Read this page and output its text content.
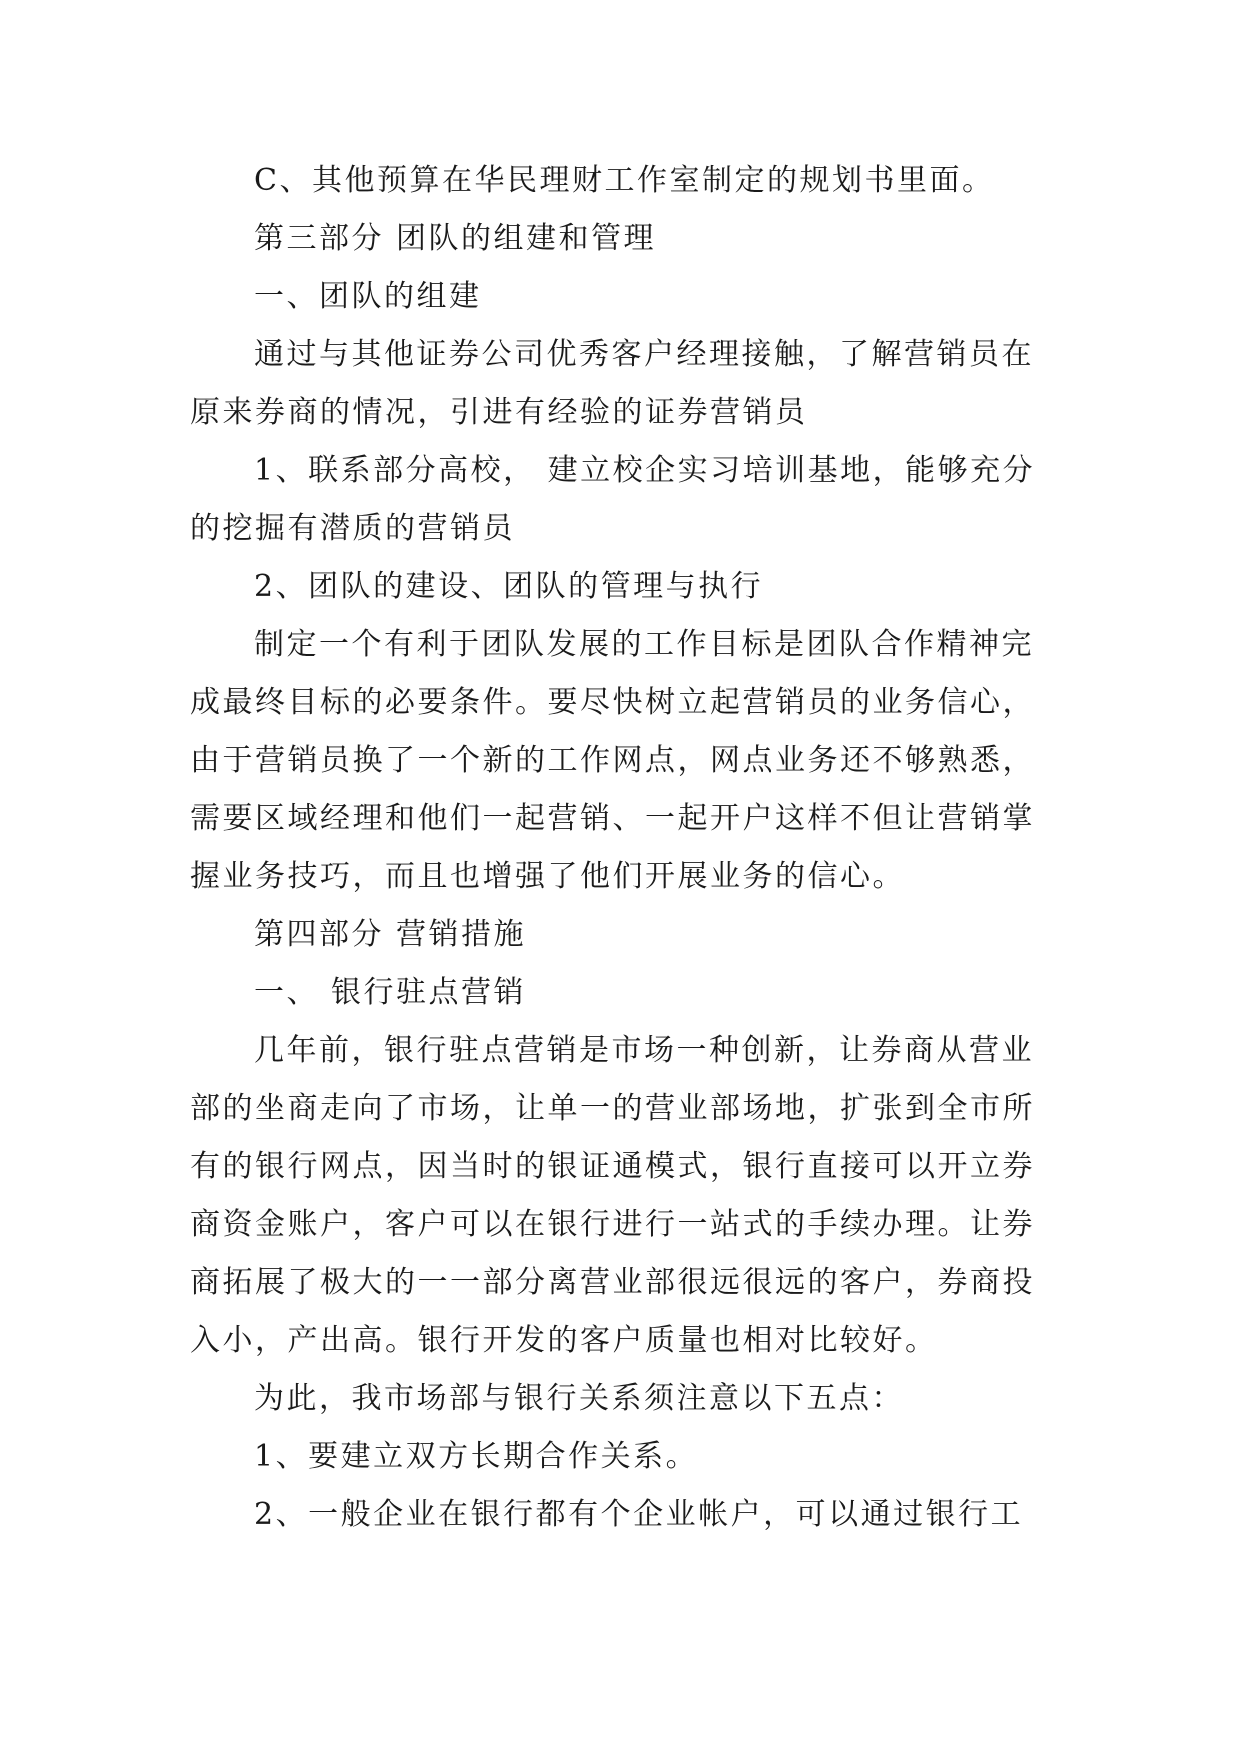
C、其他预算在华民理财工作室制定的规划书里面。

第三部分 团队的组建和管理

一、团队的组建

通过与其他证券公司优秀客户经理接触，了解营销员在原来券商的情况，引进有经验的证券营销员

1、联系部分高校， 建立校企实习培训基地，能够充分的挖掘有潜质的营销员

2、团队的建设、团队的管理与执行

制定一个有利于团队发展的工作目标是团队合作精神完成最终目标的必要条件。要尽快树立起营销员的业务信心，由于营销员换了一个新的工作网点，网点业务还不够熟悉，需要区域经理和他们一起营销、一起开户这样不但让营销掌握业务技巧，而且也增强了他们开展业务的信心。

第四部分 营销措施

一、 银行驻点营销

几年前，银行驻点营销是市场一种创新，让券商从营业部的坐商走向了市场，让单一的营业部场地，扩张到全市所有的银行网点，因当时的银证通模式，银行直接可以开立券商资金账户，客户可以在银行进行一站式的手续办理。让券商拓展了极大的一一部分离营业部很远很远的客户，券商投入小，产出高。银行开发的客户质量也相对比较好。

为此，我市场部与银行关系须注意以下五点：

1、要建立双方长期合作关系。

2、一般企业在银行都有个企业帐户，可以通过银行工
